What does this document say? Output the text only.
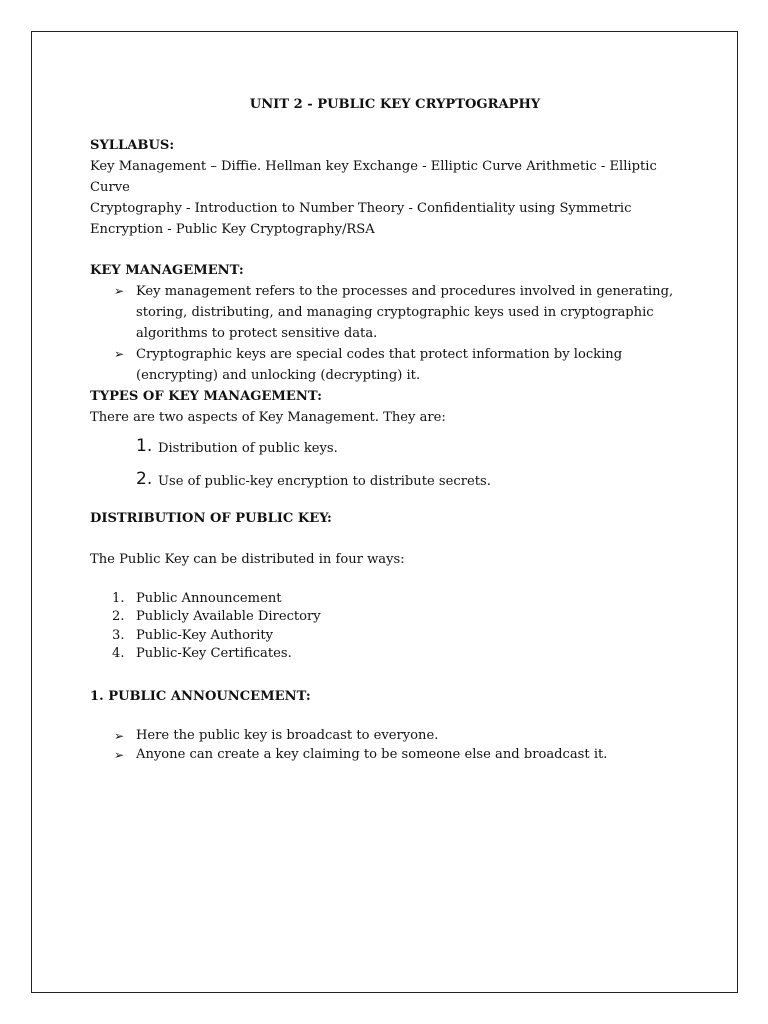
UNIT 2 - PUBLIC KEY CRYPTOGRAPHY

SYLLABUS:

Key Management – Diffie. Hellman key Exchange - Elliptic Curve Arithmetic - Elliptic Curve

Cryptography - Introduction to Number Theory - Confidentiality using Symmetric

Encryption - Public Key Cryptography/RSA

KEY MANAGEMENT:

➢ Key management refers to the processes and procedures involved in generating,
storing, distributing, and managing cryptographic keys used in cryptographic
algorithms to protect sensitive data.
➢ Cryptographic keys are special codes that protect information by locking
(encrypting) and unlocking (decrypting) it.

TYPES OF KEY MANAGEMENT:

There are two aspects of Key Management. They are:

1. Distribution of public keys.
2. Use of public-key encryption to distribute secrets.

DISTRIBUTION OF PUBLIC KEY:

The Public Key can be distributed in four ways:

1. Public Announcement
2. Publicly Available Directory
3. Public-Key Authority
4. Public-Key Certificates.

1. PUBLIC ANNOUNCEMENT:

➢ Here the public key is broadcast to everyone.
➢ Anyone can create a key claiming to be someone else and broadcast it.
